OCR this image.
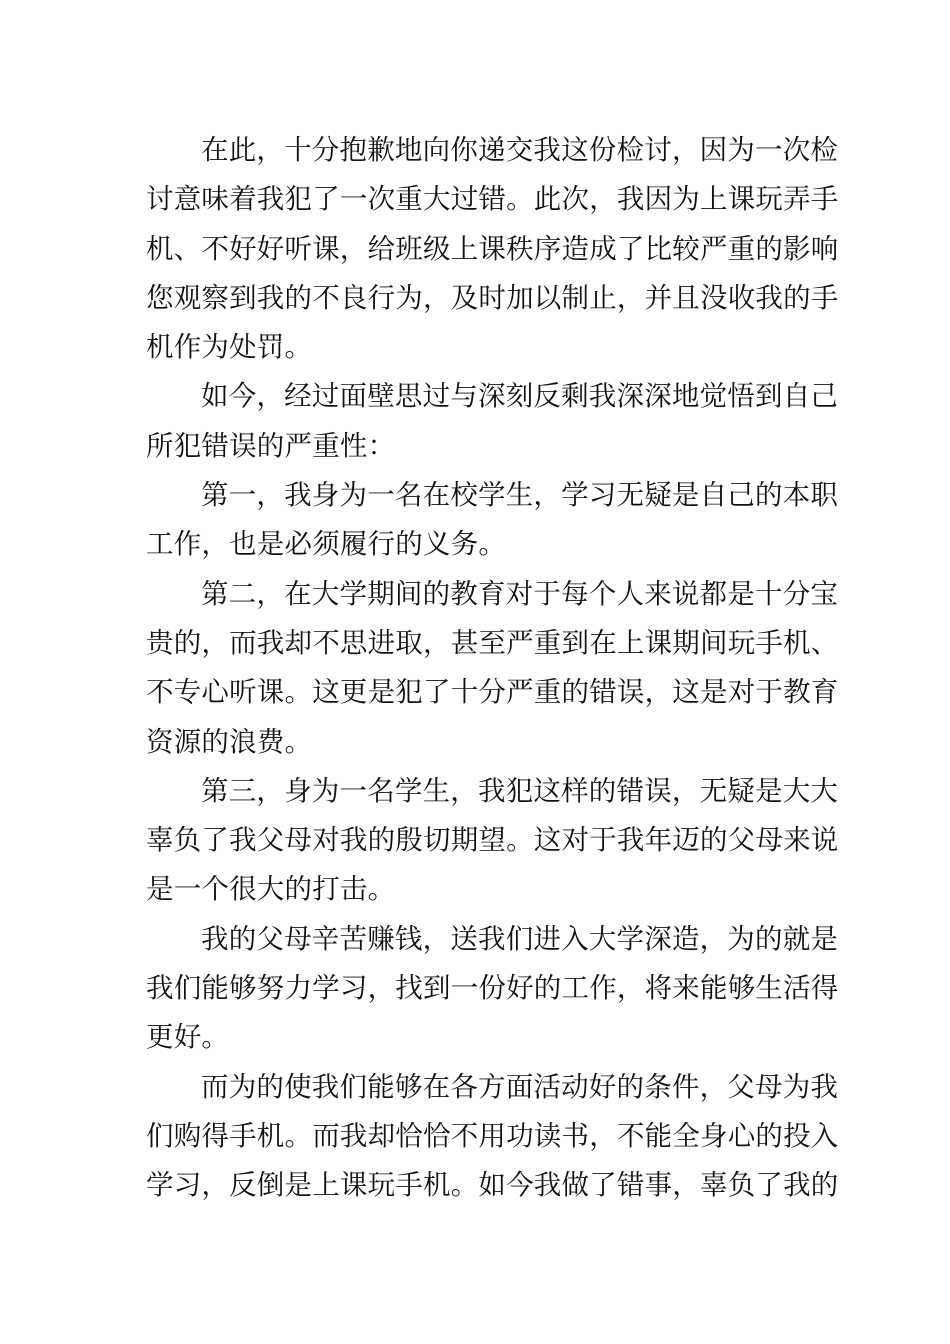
在此，十分抱歉地向你递交我这份检讨，因为一次检
讨意味着我犯了一次重大过错。此次，我因为上课玩弄手
机、不好好听课，给班级上课秩序造成了比较严重的影响
您观察到我的不良行为，及时加以制止，并且没收我的手
机作为处罚。
如今，经过面壁思过与深刻反剩我深深地觉悟到自己
所犯错误的严重性：
第一，我身为一名在校学生，学习无疑是自己的本职
工作，也是必须履行的义务。
第二，在大学期间的教育对于每个人来说都是十分宝
贵的，而我却不思进取，甚至严重到在上课期间玩手机、
不专心听课。这更是犯了十分严重的错误，这是对于教育
资源的浪费。
第三，身为一名学生，我犯这样的错误，无疑是大大
辜负了我父母对我的殷切期望。这对于我年迈的父母来说
是一个很大的打击。
我的父母辛苦赚钱，送我们进入大学深造，为的就是
我们能够努力学习，找到一份好的工作，将来能够生活得
更好。
而为的使我们能够在各方面活动好的条件，父母为我
们购得手机。而我却恰恰不用功读书，不能全身心的投入
学习，反倒是上课玩手机。如今我做了错事，辜负了我的
